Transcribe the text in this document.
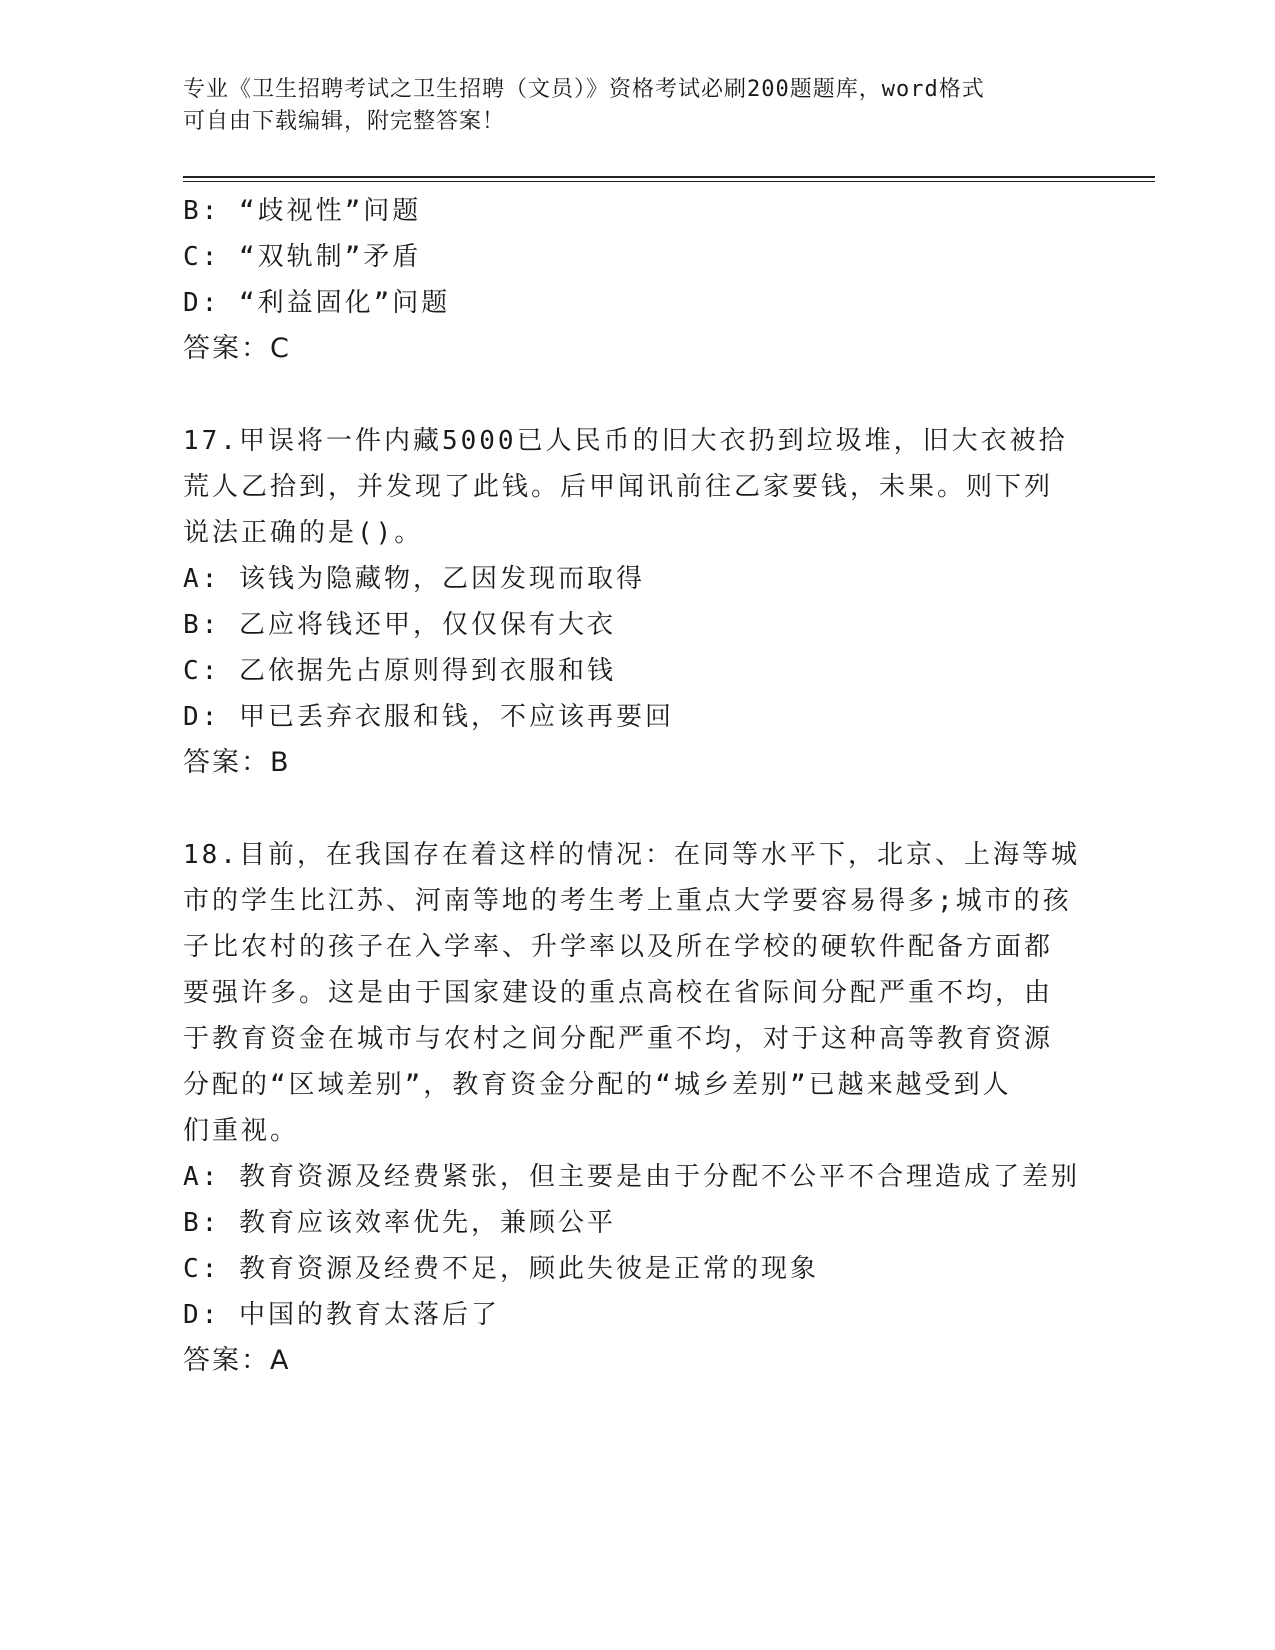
专业《卫生招聘考试之卫生招聘（文员）》资格考试必刷200题题库，word格式
可自由下载编辑，附完整答案！
B: “歧视性”问题
C: “双轨制”矛盾
D: “利益固化”问题
答案：C
17.甲误将一件内藏5000已人民币的旧大衣扔到垃圾堆，旧大衣被拾
荒人乙拾到，并发现了此钱。后甲闻讯前往乙家要钱，未果。则下列
说法正确的是()。
A: 该钱为隐藏物，乙因发现而取得
B: 乙应将钱还甲，仅仅保有大衣
C: 乙依据先占原则得到衣服和钱
D: 甲已丢弃衣服和钱，不应该再要回
答案：B
18.目前，在我国存在着这样的情况：在同等水平下，北京、上海等城
市的学生比江苏、河南等地的考生考上重点大学要容易得多;城市的孩
子比农村的孩子在入学率、升学率以及所在学校的硬软件配备方面都
要强许多。这是由于国家建设的重点高校在省际间分配严重不均，由
于教育资金在城市与农村之间分配严重不均，对于这种高等教育资源
分配的“区域差别”，教育资金分配的“城乡差别”已越来越受到人
们重视。
A: 教育资源及经费紧张，但主要是由于分配不公平不合理造成了差别
B: 教育应该效率优先，兼顾公平
C: 教育资源及经费不足，顾此失彼是正常的现象
D: 中国的教育太落后了
答案：A
